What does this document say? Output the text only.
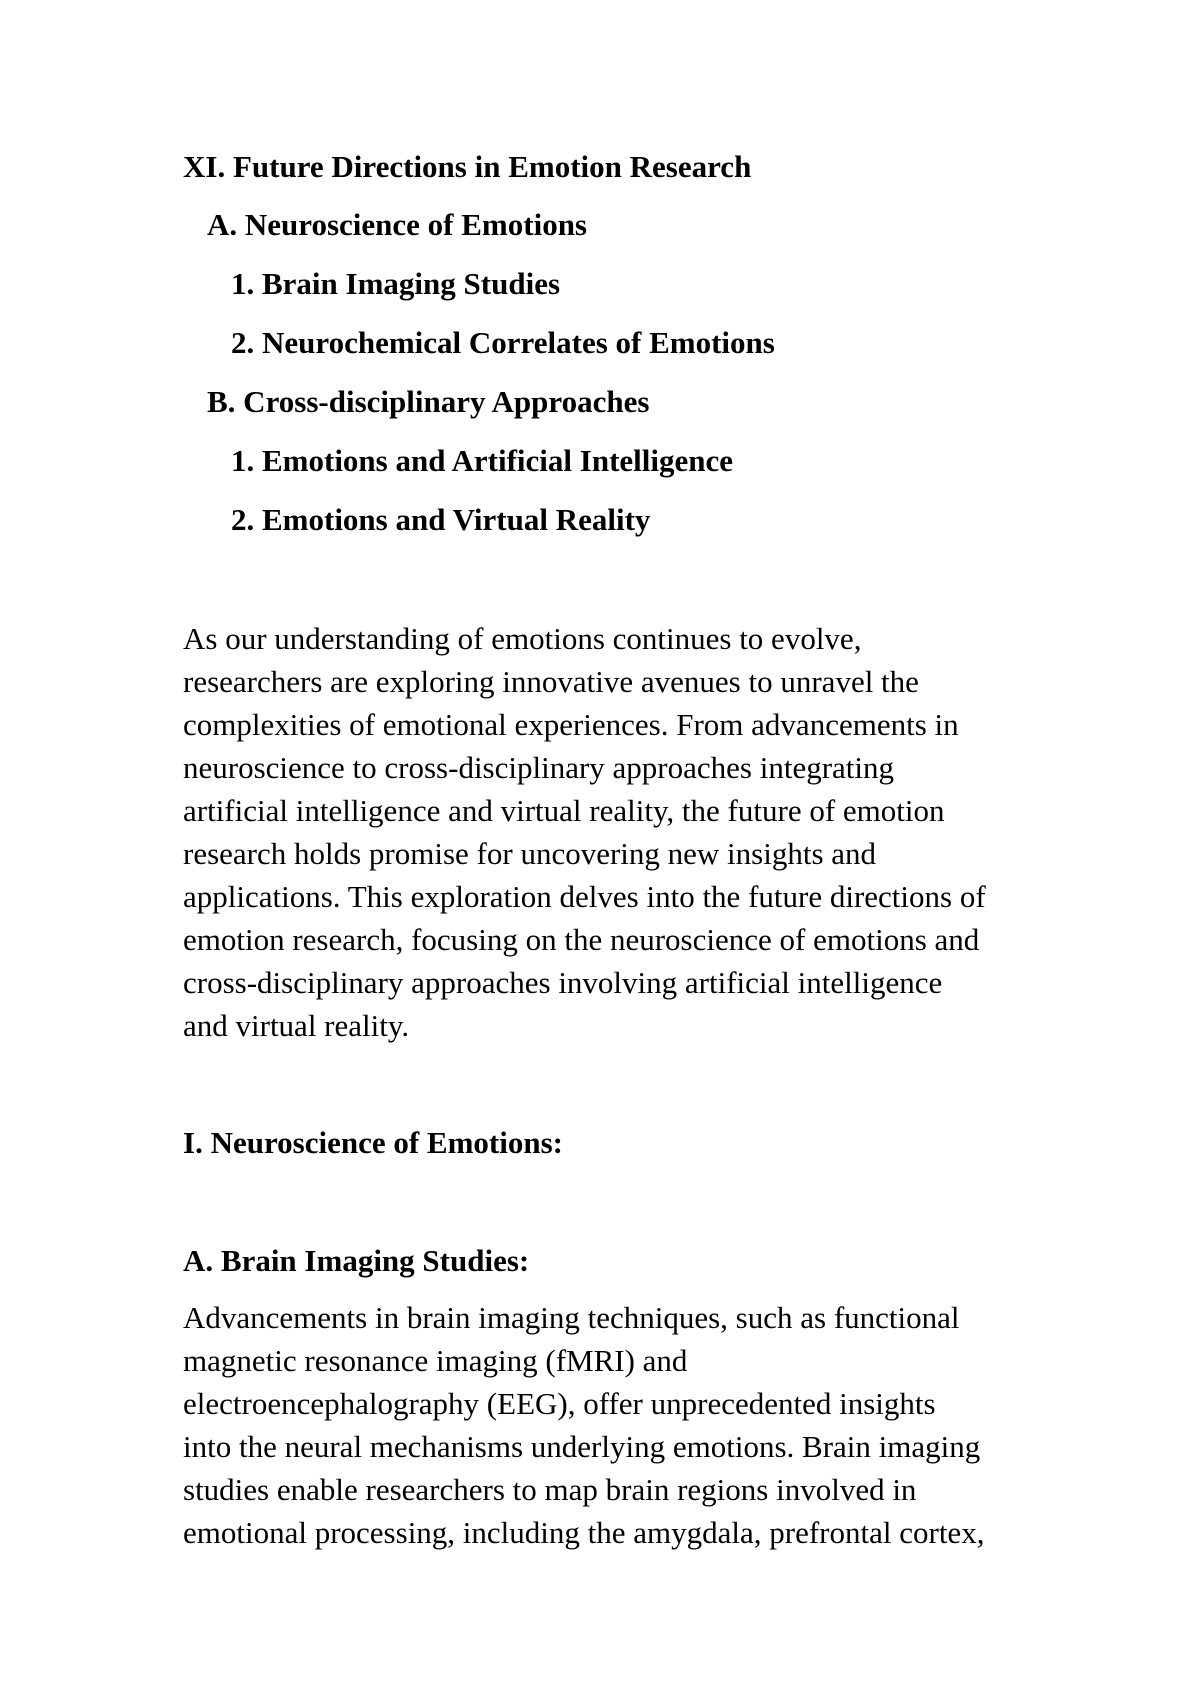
XI. Future Directions in Emotion Research

A. Neuroscience of Emotions

1. Brain Imaging Studies

2. Neurochemical Correlates of Emotions

B. Cross-disciplinary Approaches

1. Emotions and Artificial Intelligence

2. Emotions and Virtual Reality

As our understanding of emotions continues to evolve,
researchers are exploring innovative avenues to unravel the
complexities of emotional experiences. From advancements in
neuroscience to cross-disciplinary approaches integrating
artificial intelligence and virtual reality, the future of emotion
research holds promise for uncovering new insights and
applications. This exploration delves into the future directions of
emotion research, focusing on the neuroscience of emotions and
cross-disciplinary approaches involving artificial intelligence
and virtual reality.

I. Neuroscience of Emotions:

A. Brain Imaging Studies:

Advancements in brain imaging techniques, such as functional
magnetic resonance imaging (fMRI) and
electroencephalography (EEG), offer unprecedented insights
into the neural mechanisms underlying emotions. Brain imaging
studies enable researchers to map brain regions involved in
emotional processing, including the amygdala, prefrontal cortex,
